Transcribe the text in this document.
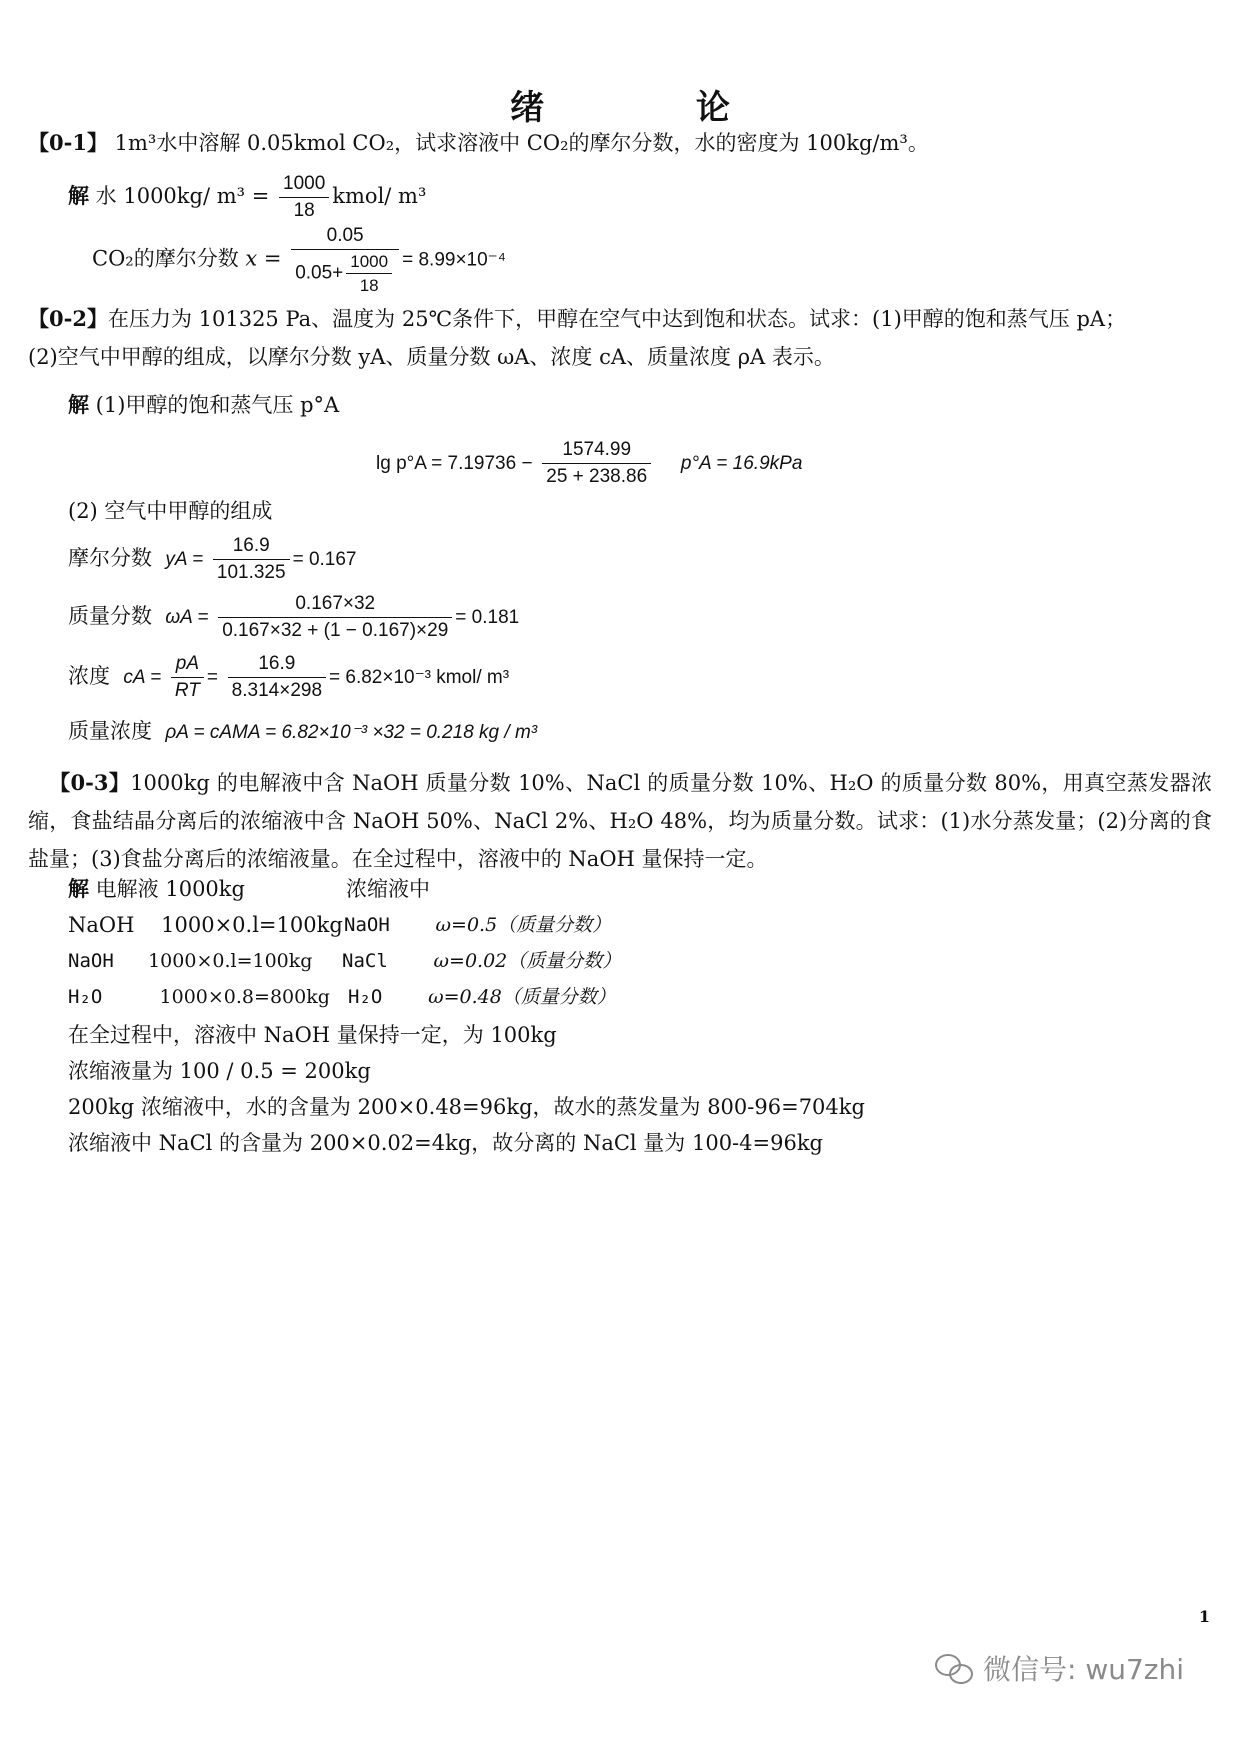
绪 论
【0-1】 1m³水中溶解 0.05kmol CO₂，试求溶液中 CO₂的摩尔分数，水的密度为 100kg/m³。
解 水 1000kg/ $m^3 = \frac{1000}{18}$ kmol/ m³
CO₂的摩尔分数 $x = \frac{0.05}{0.05+ \frac{1000}{18}} = 8.99\times 10^{-4}$
【0-2】在压力为 101325 Pa、温度为 25℃条件下，甲醇在空气中达到饱和状态。试求：(1)甲醇的饱和蒸气压 pA；
(2)空气中甲醇的组成，以摩尔分数 yA、质量分数 ωA、浓度 cA、质量浓度 ρA 表示。
解 (1)甲醇的饱和蒸气压 p°A
$\lg p^\circ A = 7.19736 - \frac{1574.99}{25 + 238.86} p^\circ A = 16.9kPa$
(2) 空气中甲醇的组成
摩尔分数 yA = $\frac{16.9}{101.325} = 0.167$
质量分数 $\omega A = \frac{0.167\times 32}{0.167\times 32 + (1 - 0.167)\times 29} = 0.181$
浓度 cA = $\frac{pA}{RT} = \frac{16.9}{8.314\times 298} = 6.82\times 10^{-3}$ kmol/ m³
质量浓度 ρA = cAMA = 6.82×10⁻³ ×32 = 0.218 kg / m³
【0-3】1000kg 的电解液中含 NaOH 质量分数 10%、NaCl 的质量分数 10%、H₂O 的质量分数 80%，用真空蒸发器浓缩，食盐结晶分离后的浓缩液中含 NaOH 50%、NaCl 2%、H₂O 48%，均为质量分数。试求：(1)水分蒸发量；(2)分离的食盐量；(3)食盐分离后的浓缩液量。在全过程中，溶液中的 NaOH 量保持一定。
解 电解液 1000kg	浓缩液中
NaOH 1000×0.l=100kg NaOH ω=0.5（质量分数）
NaOH 1000×0.l=100kg NaCl ω=0.02（质量分数）
H₂O	1000×0.8=800kg H₂O ω=0.48（质量分数）
在全过程中，溶液中 NaOH 量保持一定，为 100kg
浓缩液量为 100 / 0.5 = 200kg
200kg 浓缩液中，水的含量为 200×0.48=96kg，故水的蒸发量为 800-96=704kg
浓缩液中 NaCl 的含量为 200×0.02=4kg，故分离的 NaCl 量为 100-4=96kg
1
微信号: wu7zhi
